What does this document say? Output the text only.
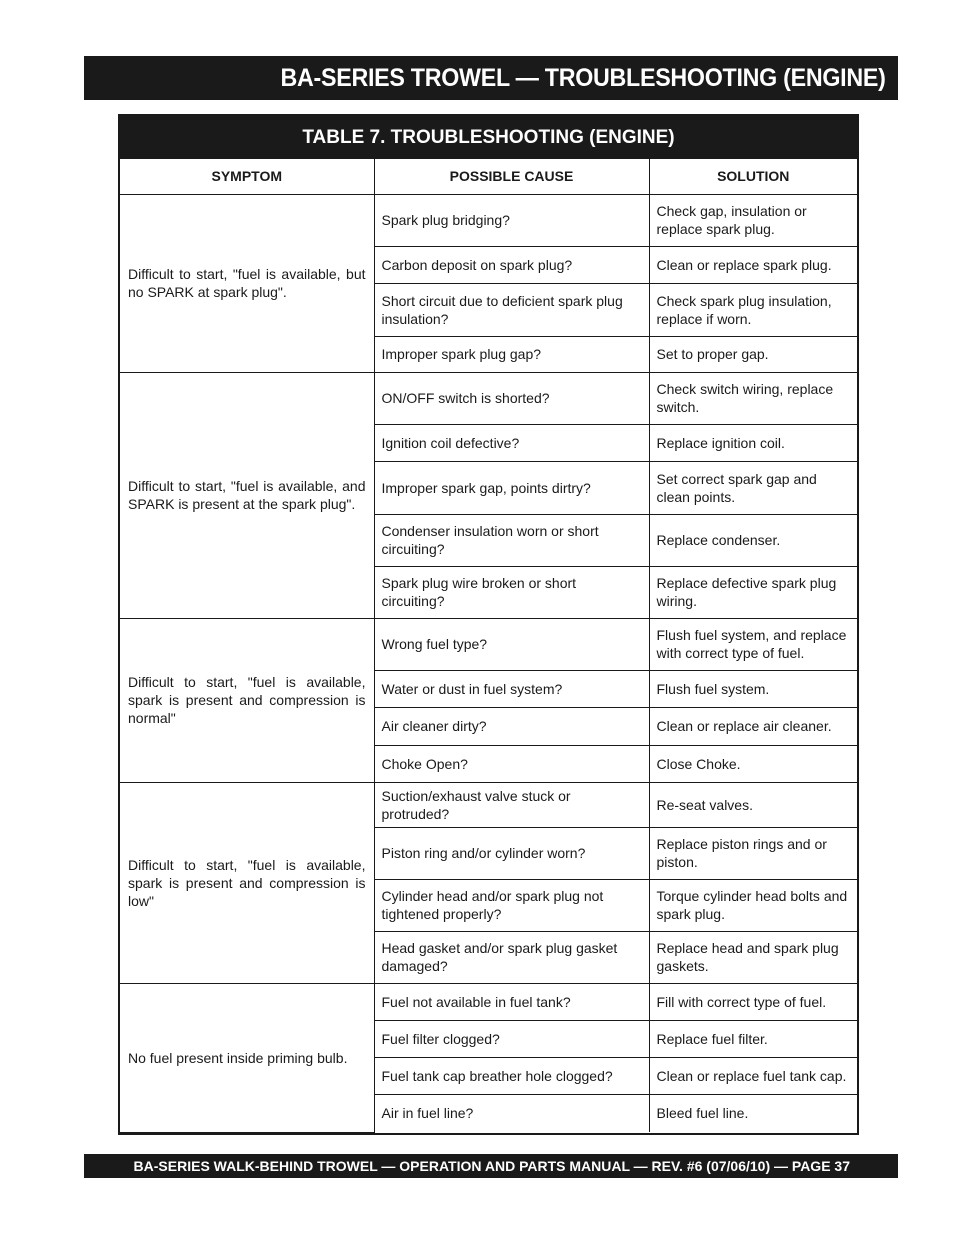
BA-SERIES TROWEL — TROUBLESHOOTING (ENGINE)
TABLE 7. TROUBLESHOOTING (ENGINE)
SYMPTOM	POSSIBLE CAUSE	SOLUTION
Difficult to start, "fuel is available, but no SPARK at spark plug".	Spark plug bridging?	Check gap, insulation or replace spark plug.
	Carbon deposit on spark plug?	Clean or replace spark plug.
	Short circuit due to deficient spark plug insulation?	Check spark plug insulation, replace if worn.
	Improper spark plug gap?	Set to proper gap.
Difficult to start, "fuel is available, and SPARK is present at the spark plug".	ON/OFF switch is shorted?	Check switch wiring, replace switch.
	Ignition coil defective?	Replace ignition coil.
	Improper spark gap, points dirtry?	Set correct spark gap and clean points.
	Condenser insulation worn or short circuiting?	Replace condenser.
	Spark plug wire broken or short circuiting?	Replace defective spark plug wiring.
Difficult to start, "fuel is available, spark is present and compression is normal"	Wrong fuel type?	Flush fuel system, and replace with correct type of fuel.
	Water or dust in fuel system?	Flush fuel system.
	Air cleaner dirty?	Clean or replace air cleaner.
	Choke Open?	Close Choke.
Difficult to start, "fuel is available, spark is present and compression is low"	Suction/exhaust valve stuck or protruded?	Re-seat valves.
	Piston ring and/or cylinder worn?	Replace piston rings and or piston.
	Cylinder head and/or spark plug not tightened properly?	Torque cylinder head bolts and spark plug.
	Head gasket and/or spark plug gasket damaged?	Replace head and spark plug gaskets.
No fuel present inside priming bulb.	Fuel not available in fuel tank?	Fill with correct type of fuel.
	Fuel filter clogged?	Replace fuel filter.
	Fuel tank cap breather hole clogged?	Clean or replace fuel tank cap.
	Air in fuel line?	Bleed fuel line.
BA-SERIES WALK-BEHIND TROWEL — OPERATION AND PARTS MANUAL — REV. #6 (07/06/10) — PAGE 37
